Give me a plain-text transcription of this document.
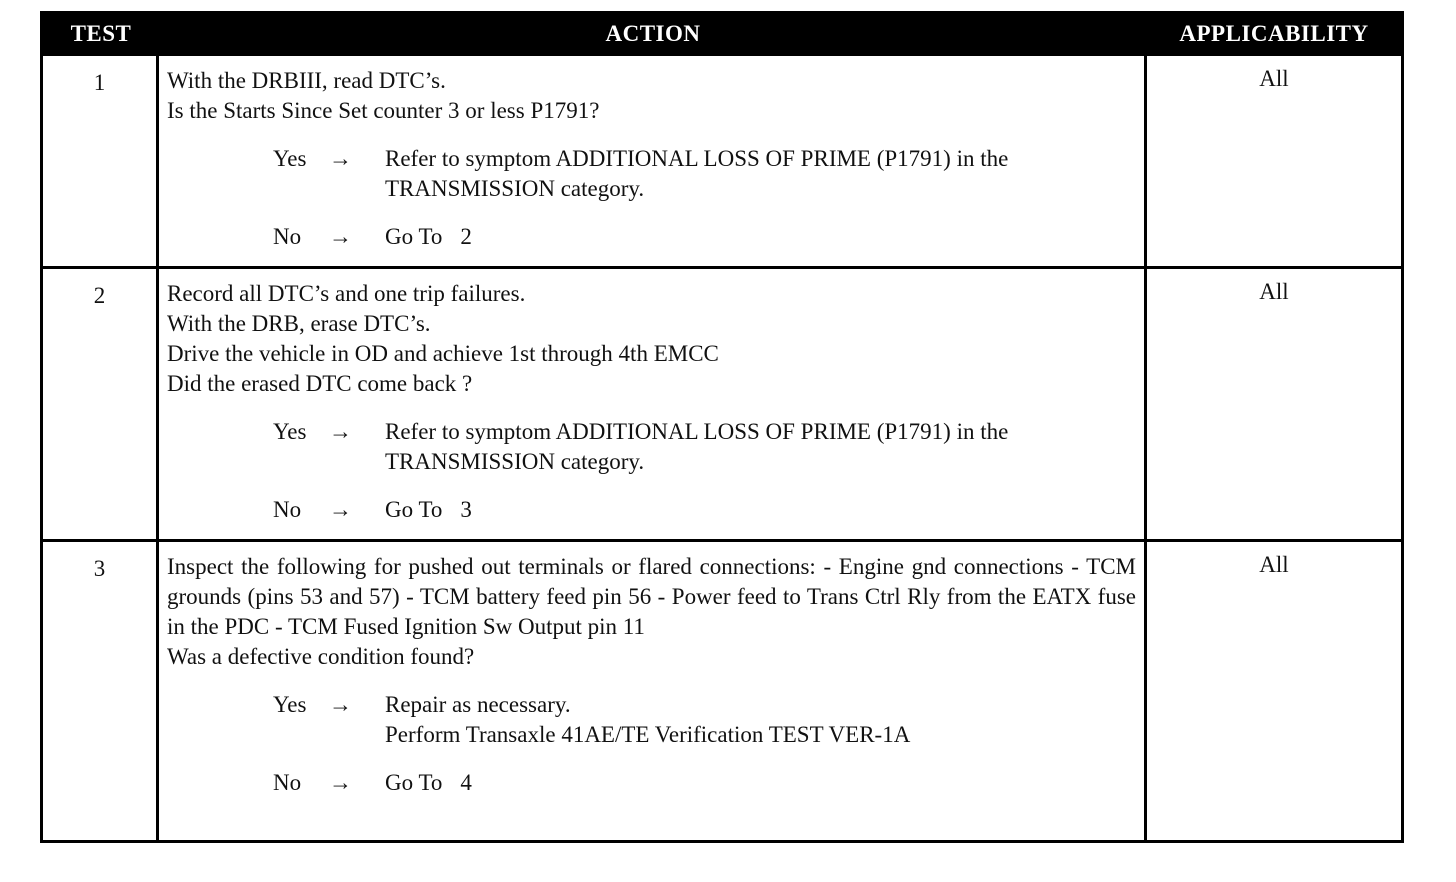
TEST	ACTION	APPLICABILITY
1	With the DRBIII, read DTC’s.
Is the Starts Since Set counter 3 or less P1791?
Yes →	Refer to symptom ADDITIONAL LOSS OF PRIME (P1791) in the
TRANSMISSION category.
No	→	Go To 2
All
2	Record all DTC’s and one trip failures.
With the DRB, erase DTC’s.
Drive the vehicle in OD and achieve 1st through 4th EMCC
Did the erased DTC come back ?
Yes →	Refer to symptom ADDITIONAL LOSS OF PRIME (P1791) in the
TRANSMISSION category.
No	→	Go To 3
All
3	Inspect the following for pushed out terminals or flared connections: - Engine gnd connections - TCM grounds (pins 53 and 57) - TCM battery feed pin 56 - Power feed to Trans Ctrl Rly from the EATX fuse in the PDC - TCM Fused Ignition Sw Output pin 11
Was a defective condition found?
Yes →	Repair as necessary.
Perform Transaxle 41AE/TE Verification TEST VER-1A
No	→	Go To 4
All
